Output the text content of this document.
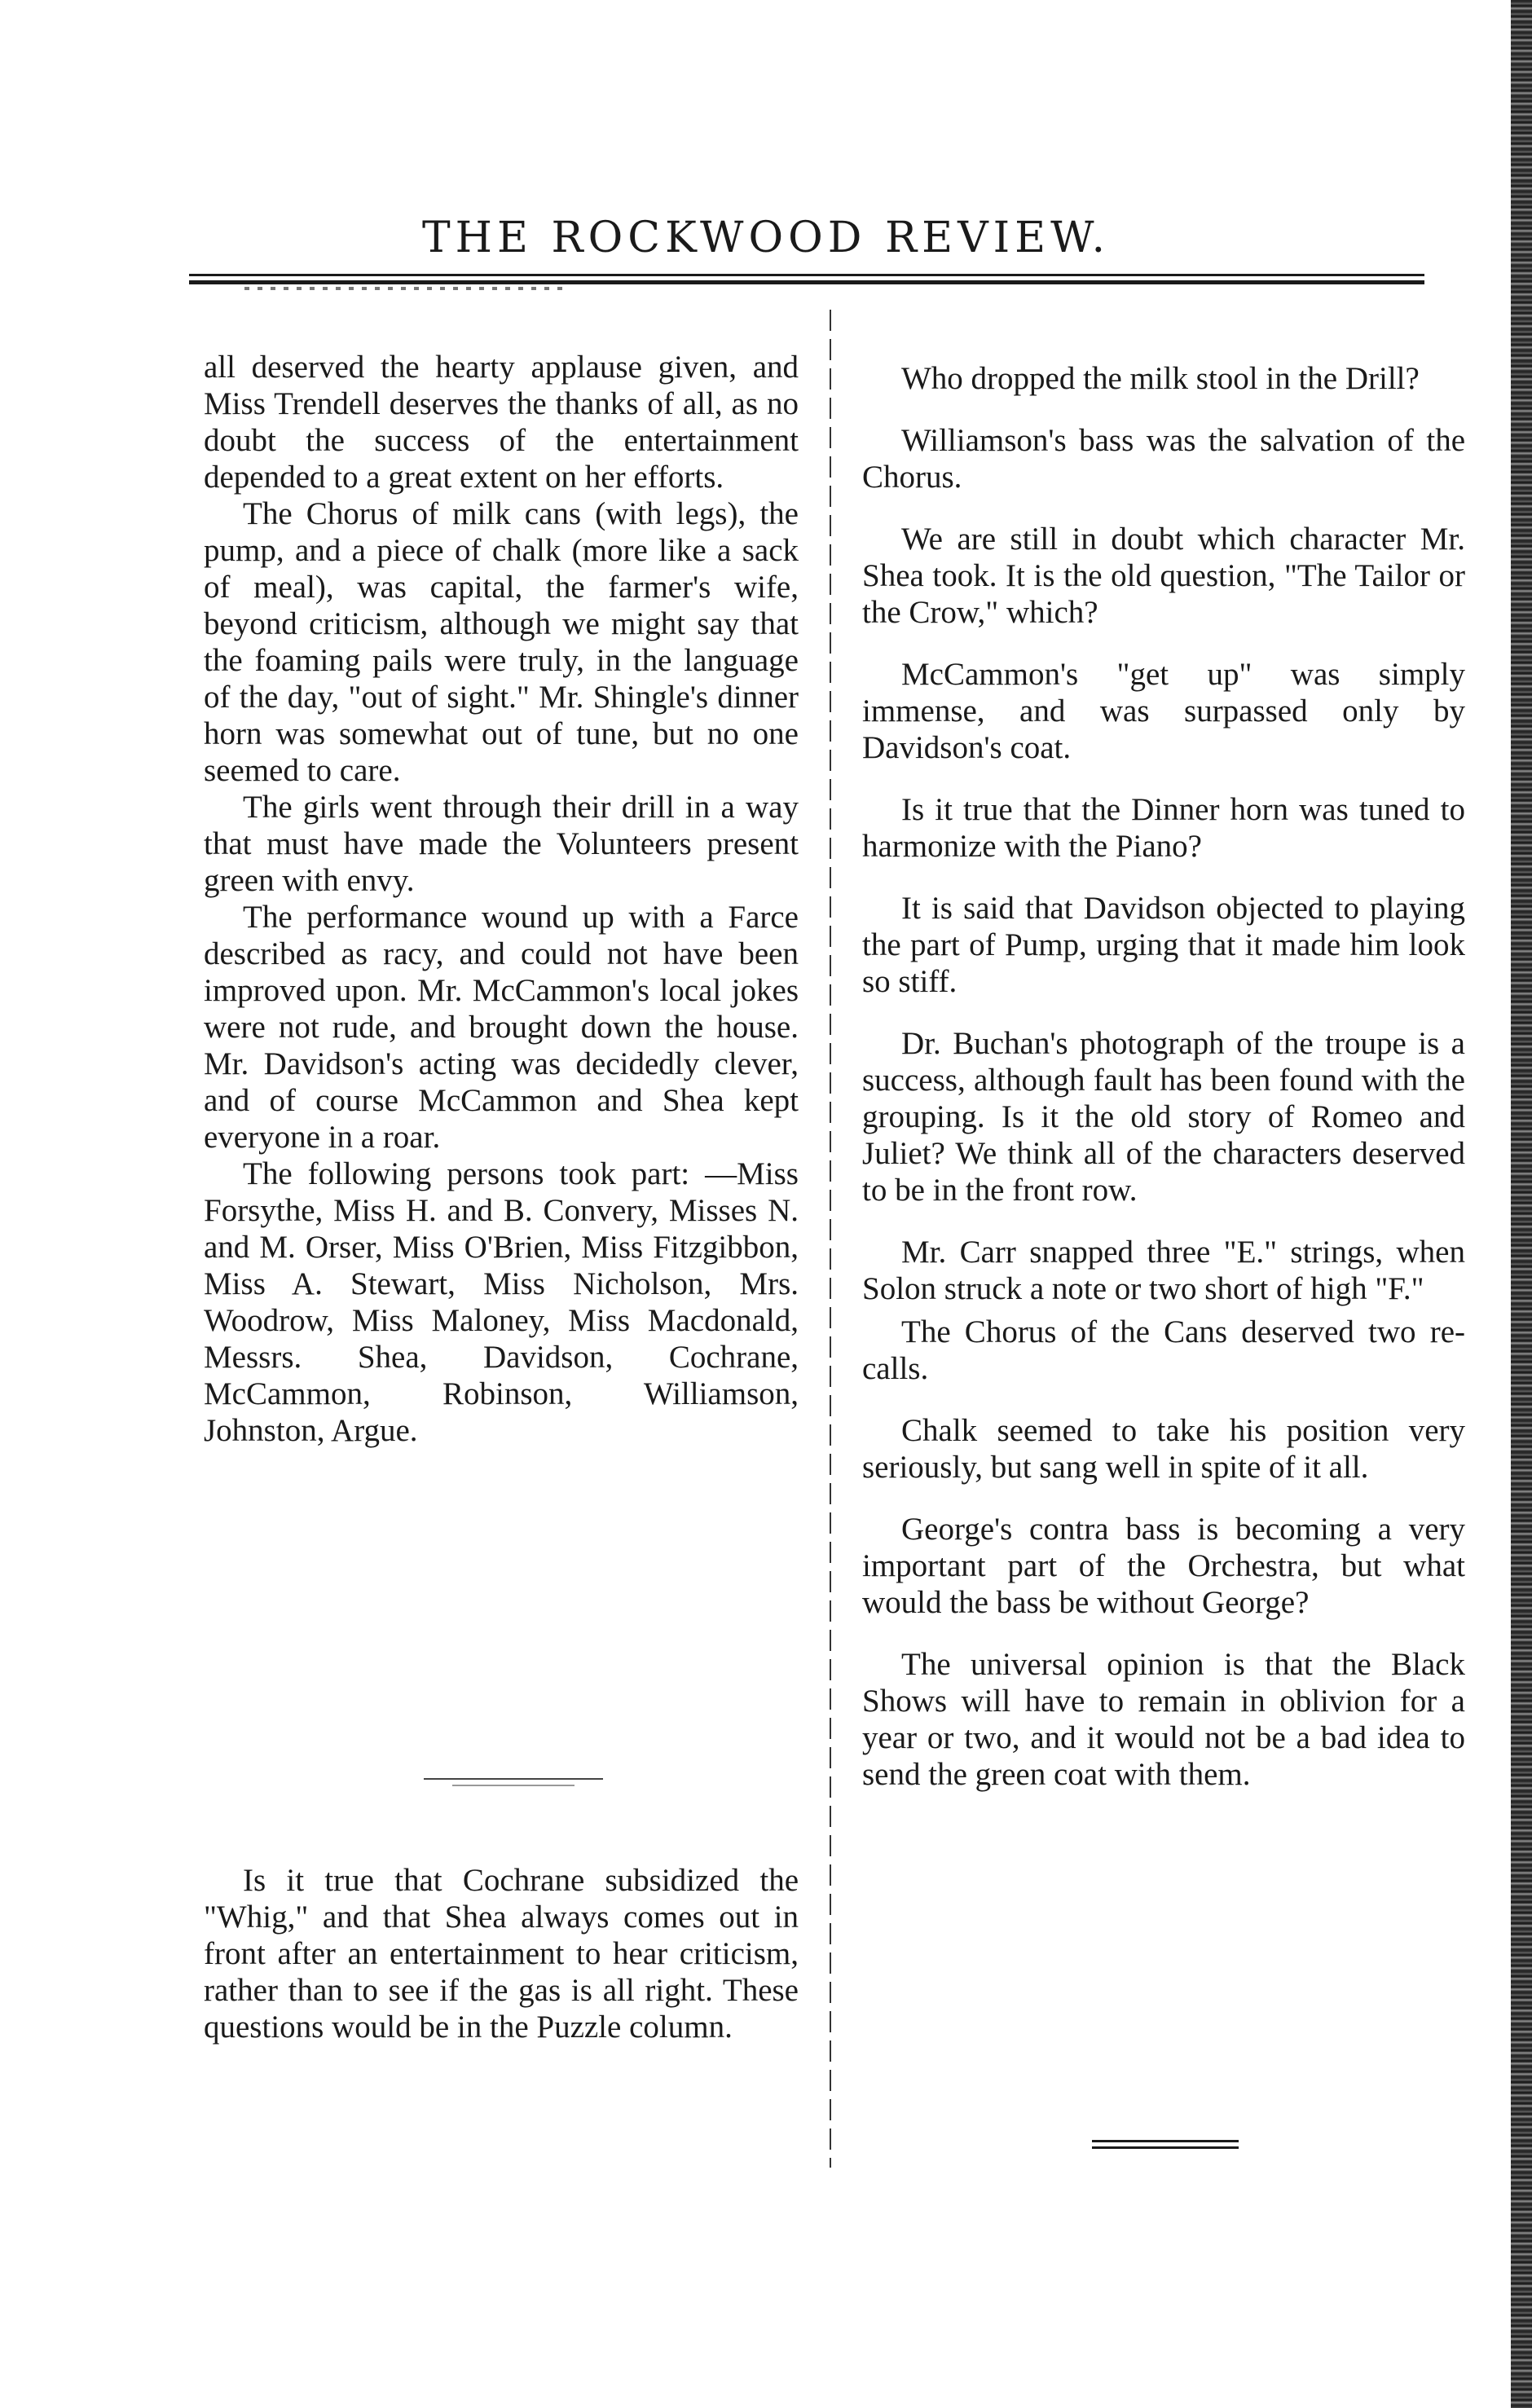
THE ROCKWOOD REVIEW.

all deserved the hearty applause given, and Miss Trendell deserves the thanks of all, as no doubt the success of the entertainment depended to a great extent on her efforts.

The Chorus of milk cans (with legs), the pump, and a piece of chalk (more like a sack of meal), was capital, the farmer's wife, beyond criticism, although we might say that the foaming pails were truly, in the language of the day, "out of sight." Mr. Shingle's dinner horn was somewhat out of tune, but no one seemed to care.

The girls went through their drill in a way that must have made the Volunteers present green with envy.

The performance wound up with a Farce described as racy, and could not have been improved upon. Mr. McCammon's local jokes were not rude, and brought down the house. Mr. Davidson's acting was decidedly clever, and of course McCammon and Shea kept everyone in a roar.

The following persons took part: —Miss Forsythe, Miss H. and B. Convery, Misses N. and M. Orser, Miss O'Brien, Miss Fitzgibbon, Miss A. Stewart, Miss Nicholson, Mrs. Woodrow, Miss Maloney, Miss Macdonald, Messrs. Shea, Davidson, Cochrane, McCammon, Robinson, Williamson, Johnston, Argue.

Is it true that Cochrane subsidized the "Whig," and that Shea always comes out in front after an entertainment to hear criticism, rather than to see if the gas is all right. These questions would be in the Puzzle column.

Who dropped the milk stool in the Drill?

Williamson's bass was the salvation of the Chorus.

We are still in doubt which character Mr. Shea took. It is the old question, "The Tailor or the Crow," which?

McCammon's "get up" was simply immense, and was surpassed only by Davidson's coat.

Is it true that the Dinner horn was tuned to harmonize with the Piano?

It is said that Davidson objected to playing the part of Pump, urging that it made him look so stiff.

Dr. Buchan's photograph of the troupe is a success, although fault has been found with the grouping. Is it the old story of Romeo and Juliet? We think all of the characters deserved to be in the front row.

Mr. Carr snapped three "E." strings, when Solon struck a note or two short of high "F."

The Chorus of the Cans deserved two re-calls.

Chalk seemed to take his position very seriously, but sang well in spite of it all.

George's contra bass is becoming a very important part of the Orchestra, but what would the bass be without George?

The universal opinion is that the Black Shows will have to remain in oblivion for a year or two, and it would not be a bad idea to send the green coat with them.
